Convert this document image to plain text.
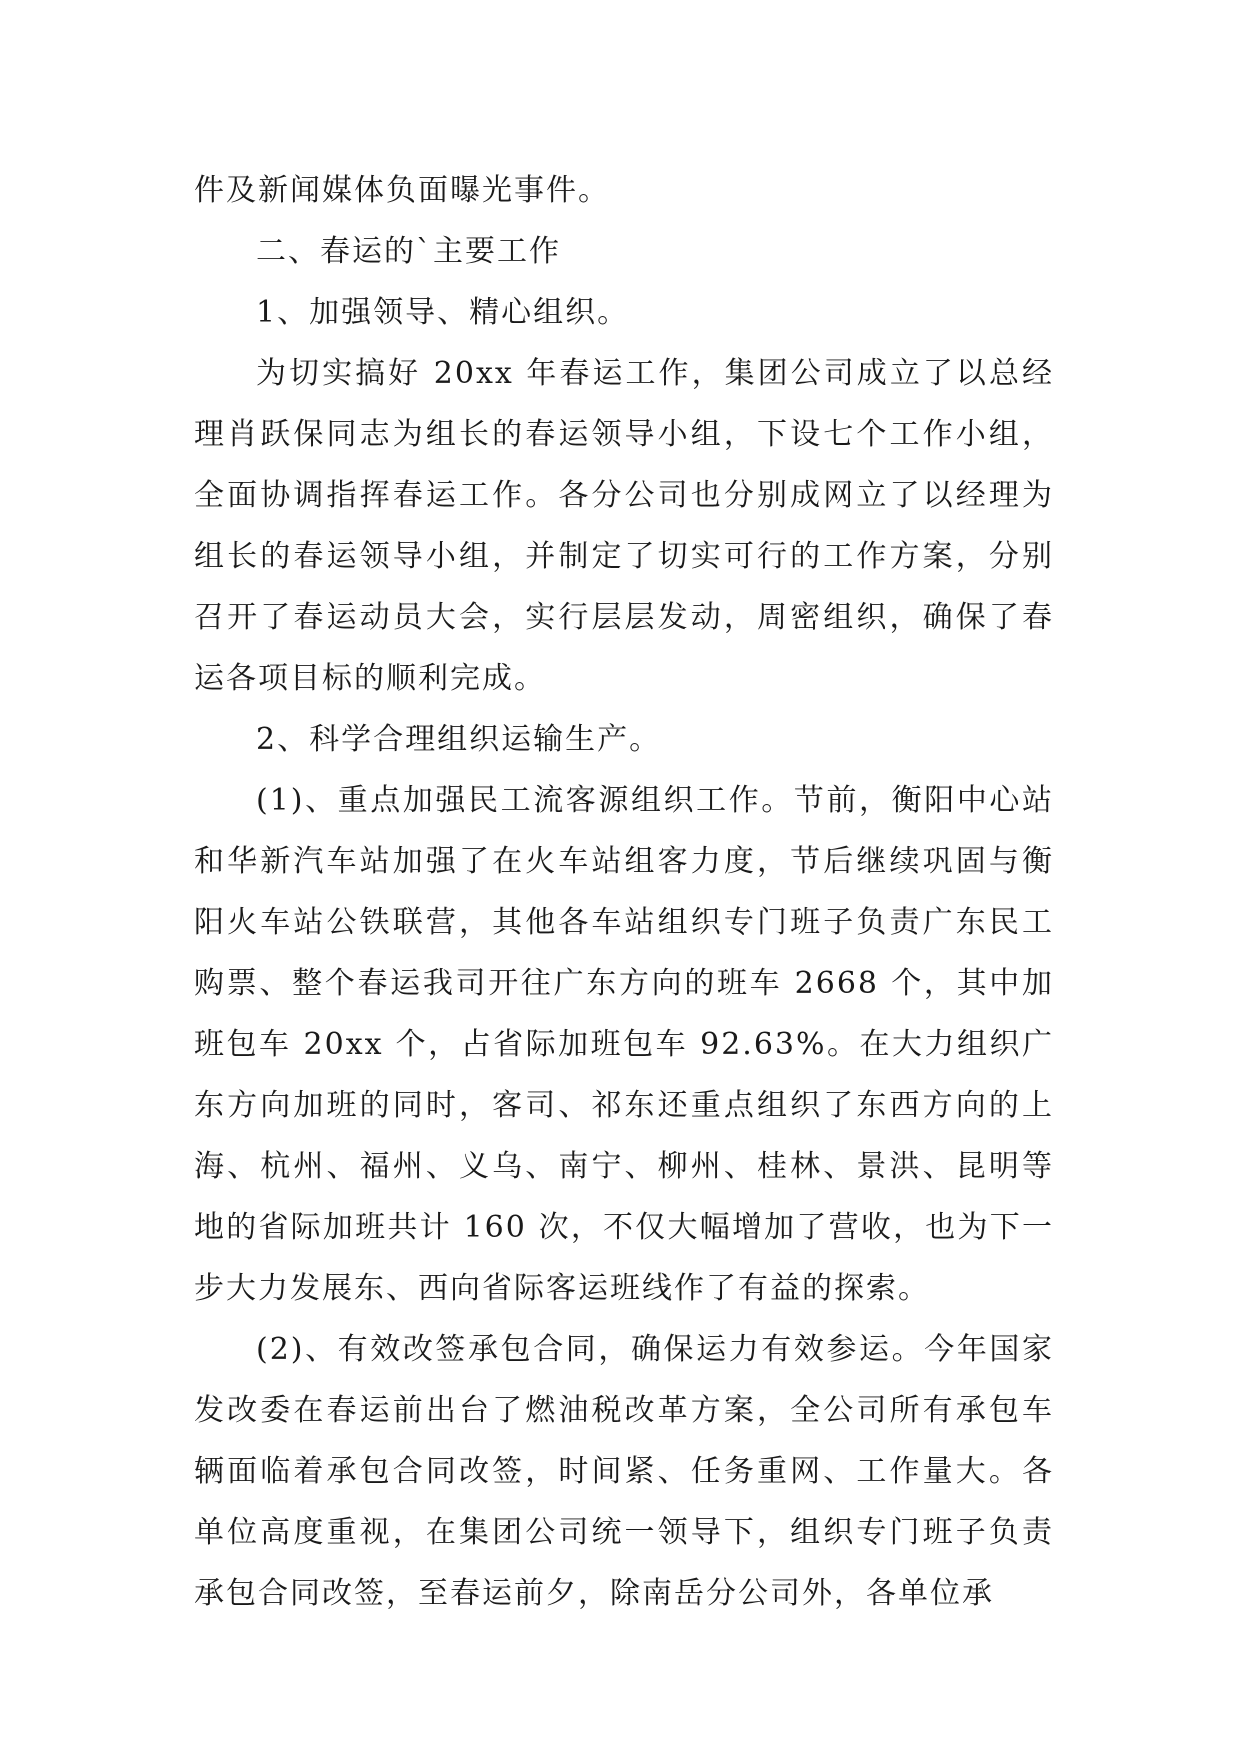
件及新闻媒体负面曝光事件。

二、春运的`主要工作

1、加强领导、精心组织。

为切实搞好 20xx 年春运工作，集团公司成立了以总经理肖跃保同志为组长的春运领导小组，下设七个工作小组，全面协调指挥春运工作。各分公司也分别成网立了以经理为组长的春运领导小组，并制定了切实可行的工作方案，分别召开了春运动员大会，实行层层发动，周密组织，确保了春运各项目标的顺利完成。

2、科学合理组织运输生产。

(1)、重点加强民工流客源组织工作。节前，衡阳中心站和华新汽车站加强了在火车站组客力度，节后继续巩固与衡阳火车站公铁联营，其他各车站组织专门班子负责广东民工购票、整个春运我司开往广东方向的班车 2668 个，其中加班包车 20xx 个，占省际加班包车 92.63%。在大力组织广东方向加班的同时，客司、祁东还重点组织了东西方向的上海、杭州、福州、义乌、南宁、柳州、桂林、景洪、昆明等地的省际加班共计 160 次，不仅大幅增加了营收，也为下一步大力发展东、西向省际客运班线作了有益的探索。

(2)、有效改签承包合同，确保运力有效参运。今年国家发改委在春运前出台了燃油税改革方案，全公司所有承包车辆面临着承包合同改签，时间紧、任务重网、工作量大。各单位高度重视，在集团公司统一领导下，组织专门班子负责承包合同改签，至春运前夕，除南岳分公司外，各单位承
